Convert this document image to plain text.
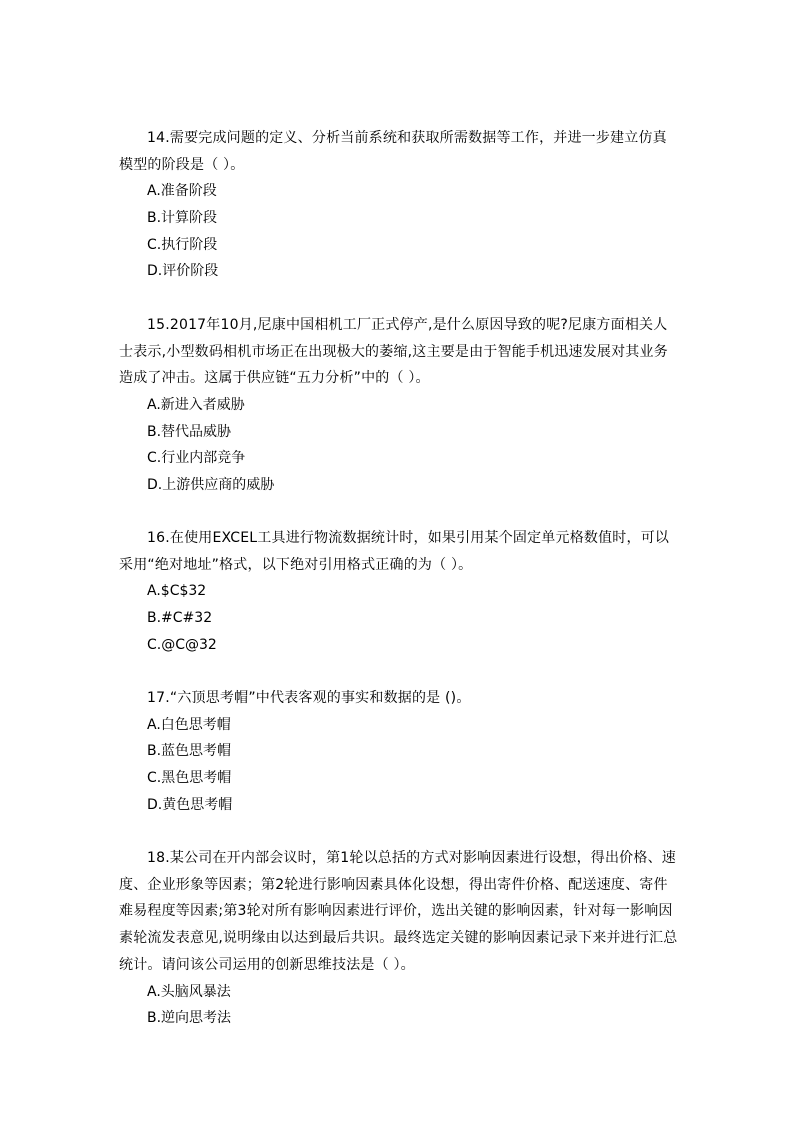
14.需要完成问题的定义、分析当前系统和获取所需数据等工作，并进一步建立仿真模型的阶段是（ ）。

A.准备阶段
B.计算阶段
C.执行阶段
D.评价阶段

15.2017年10月,尼康中国相机工厂正式停产,是什么原因导致的呢?尼康方面相关人士表示,小型数码相机市场正在出现极大的萎缩,这主要是由于智能手机迅速发展对其业务造成了冲击。这属于供应链“五力分析”中的（ ）。

A.新进入者威胁
B.替代品威胁
C.行业内部竞争
D.上游供应商的威胁

16.在使用EXCEL工具进行物流数据统计时，如果引用某个固定单元格数值时，可以采用“绝对地址”格式，以下绝对引用格式正确的为（ ）。

A.$C$32
B.#C#32
C.@C@32

17.“六顶思考帽”中代表客观的事实和数据的是 ()。

A.白色思考帽
B.蓝色思考帽
C.黑色思考帽
D.黄色思考帽

18.某公司在开内部会议时，第1轮以总括的方式对影响因素进行设想，得出价格、速度、企业形象等因素；第2轮进行影响因素具体化设想，得出寄件价格、配送速度、寄件难易程度等因素;第3轮对所有影响因素进行评价，选出关键的影响因素，针对每一影响因素轮流发表意见,说明缘由以达到最后共识。最终选定关键的影响因素记录下来并进行汇总统计。请问该公司运用的创新思维技法是（ ）。

A.头脑风暴法
B.逆向思考法
